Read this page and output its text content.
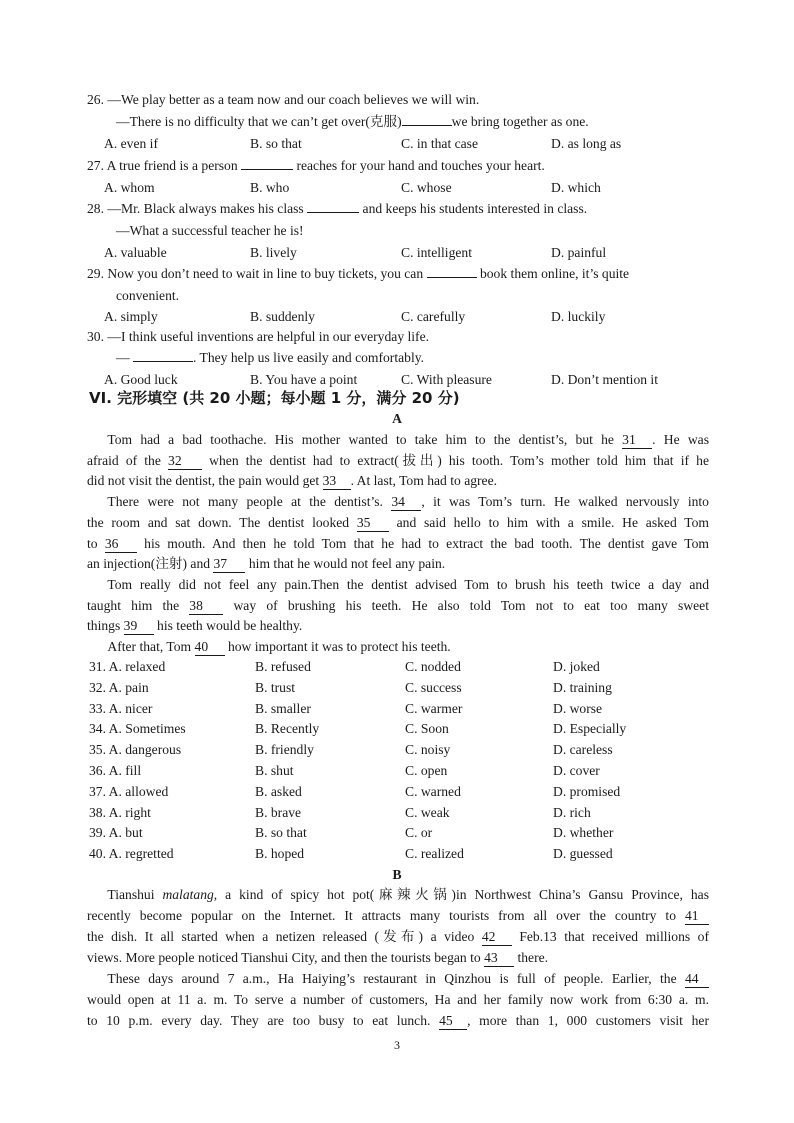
26. —We play better as a team now and our coach believes we will win.
—There is no difficulty that we can’t get over(克服)	we bring together as one.
A. even if	B. so that	C. in that case	D. as long as
27. A true friend is a person	reaches for your hand and touches your heart.
A. whom	B. who	C. whose	D. which
28. —Mr. Black always makes his class	and keeps his students interested in class.
—What a successful teacher he is!
A. valuable	B. lively	C. intelligent	D. painful
29. Now you don’t need to wait in line to buy tickets, you can	book them online, it’s quite
convenient.
A. simply	B. suddenly	C. carefully	D. luckily
30. —I think useful inventions are helpful in our everyday life.
—	. They help us live easily and comfortably.
A. Good luck	B. You have a point	C. With pleasure	D. Don’t mention it
VI. 完形填空 (共 20 小题；每小题 1 分，满分 20 分)
A
  Tom had a bad toothache. His mother wanted to take him to the dentist’s, but he 31 . He was
afraid of the 32 when the dentist had to extract(拔出) his tooth. Tom’s mother told him that if he
did not visit the dentist, the pain would get 33 . At last, Tom had to agree.
  There were not many people at the dentist’s. 34 , it was Tom’s turn. He walked nervously into
the room and sat down. The dentist looked 35 and said hello to him with a smile. He asked Tom
to 36 his mouth. And then he told Tom that he had to extract the bad tooth. The dentist gave Tom
an injection(注射) and 37 him that he would not feel any pain.
  Tom really did not feel any pain.Then the dentist advised Tom to brush his teeth twice a day and
taught him the 38 way of brushing his teeth. He also told Tom not to eat too many sweet
things 39 his teeth would be healthy.
  After that, Tom 40 how important it was to protect his teeth.
31. A. relaxed	B. refused	C. nodded	D. joked
32. A. pain	B. trust	C. success	D. training
33. A. nicer	B. smaller	C. warmer	D. worse
34. A. Sometimes	B. Recently	C. Soon	D. Especially
35. A. dangerous	B. friendly	C. noisy	D. careless
36. A. fill	B. shut	C. open	D. cover
37. A. allowed	B. asked	C. warned	D. promised
38. A. right	B. brave	C. weak	D. rich
39. A. but	B. so that	C. or	D. whether
40. A. regretted	B. hoped	C. realized	D. guessed
B
  Tianshui malatang, a kind of spicy hot pot(麻辣火锅)in Northwest China’s Gansu Province, has
recently become popular on the Internet. It attracts many tourists from all over the country to 41
the dish. It all started when a netizen released (发布) a video 42 Feb.13 that received millions of
views. More people noticed Tianshui City, and then the tourists began to 43 there.
  These days around 7 a.m., Ha Haiying’s restaurant in Qinzhou is full of people. Earlier, the 44
would open at 11 a. m. To serve a number of customers, Ha and her family now work from 6:30 a. m.
to 10 p.m. every day. They are too busy to eat lunch. 45 , more than 1, 000 customers visit her
3
